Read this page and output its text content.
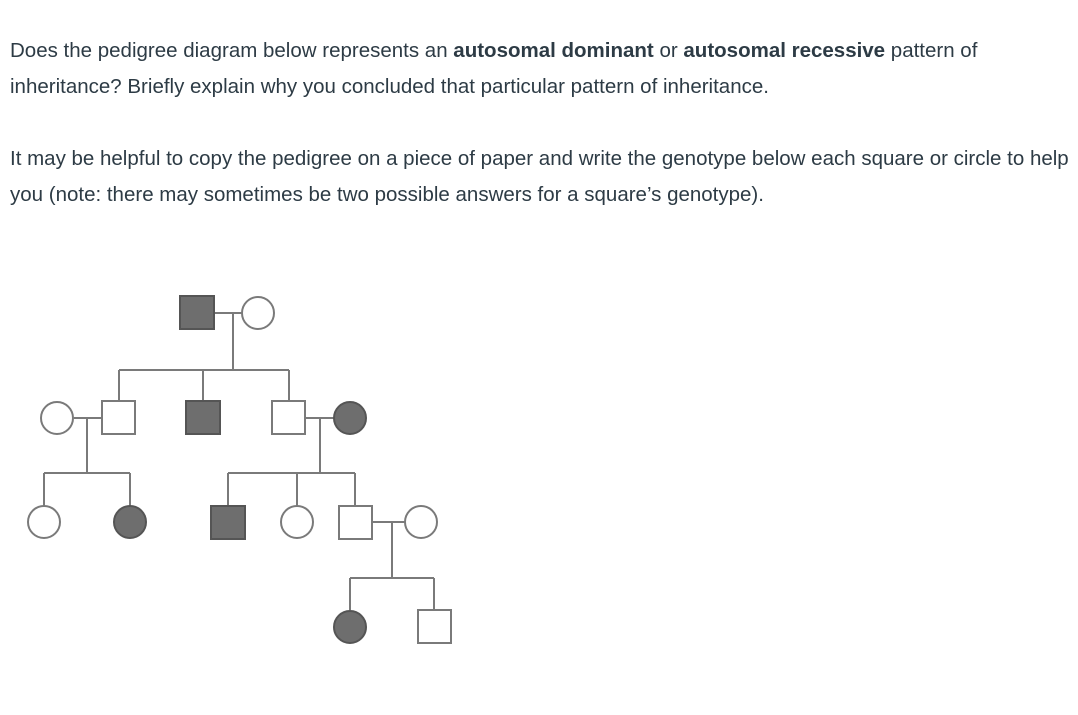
Does the pedigree diagram below represents an autosomal dominant or autosomal recessive pattern of inheritance? Briefly explain why you concluded that particular pattern of inheritance.

It may be helpful to copy the pedigree on a piece of paper and write the genotype below each square or circle to help you (note: there may sometimes be two possible answers for a square’s genotype).
